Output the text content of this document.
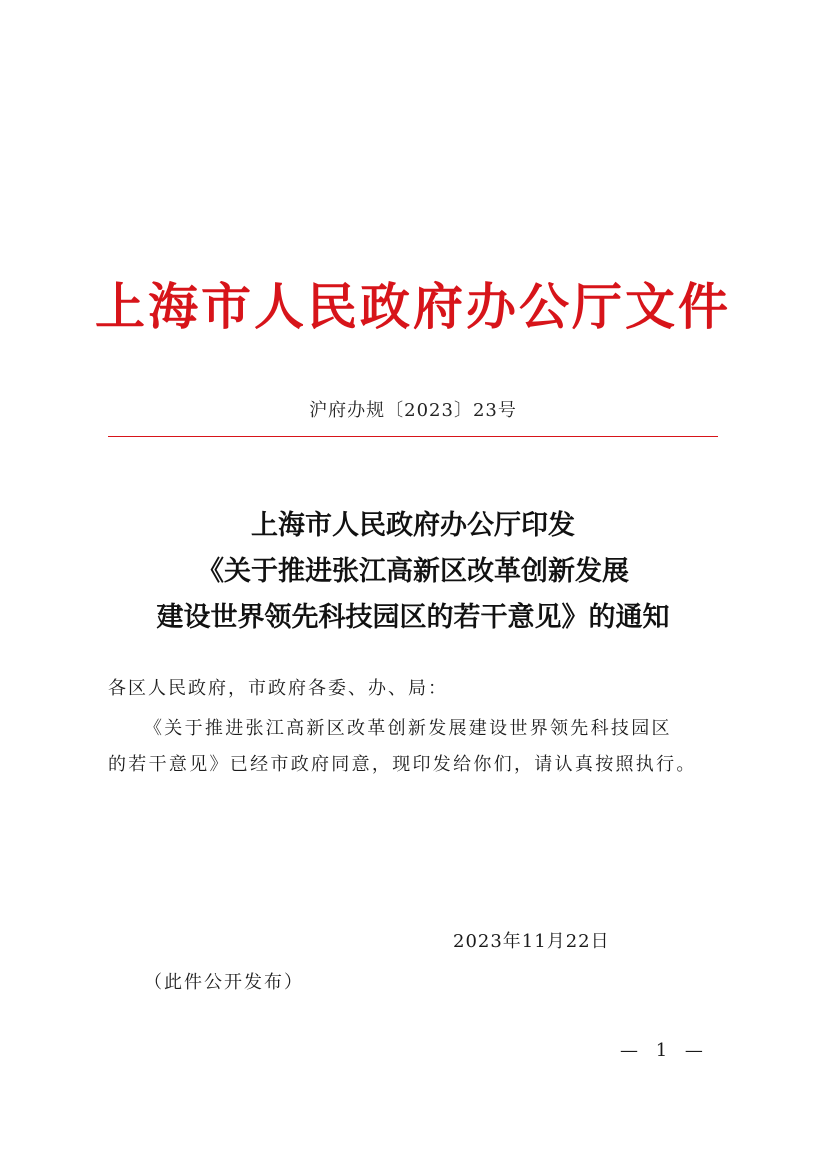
上海市人民政府办公厅文件
沪府办规〔2023〕23号
上海市人民政府办公厅印发
《关于推进张江高新区改革创新发展
建设世界领先科技园区的若干意见》的通知
各区人民政府，市政府各委、办、局：
《关于推进张江高新区改革创新发展建设世界领先科技园区
的若干意见》已经市政府同意，现印发给你们，请认真按照执行。
2023年11月22日
（此件公开发布）
— 1 —
